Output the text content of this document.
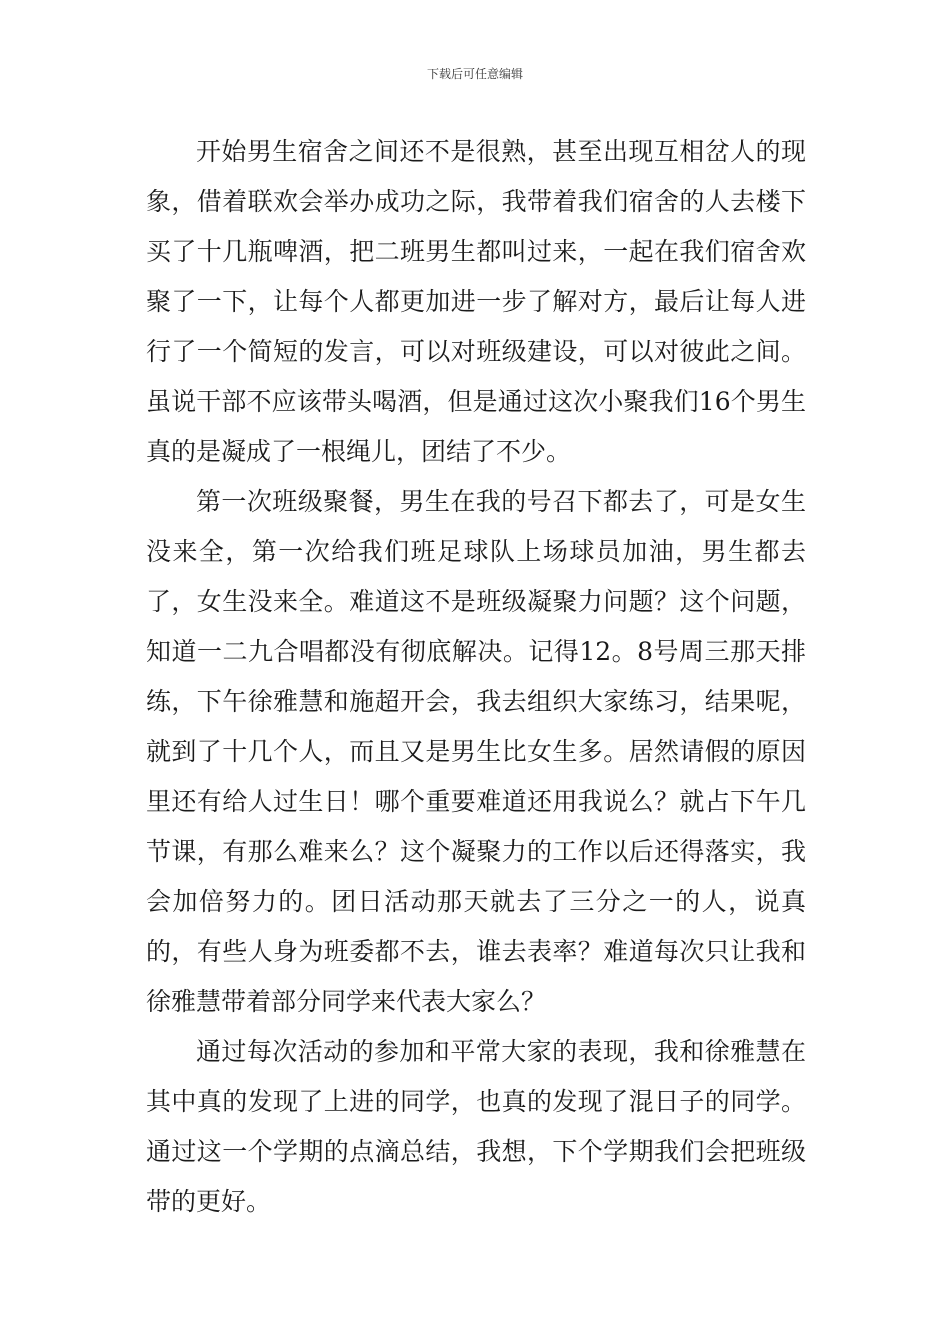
下载后可任意编辑

开始男生宿舍之间还不是很熟，甚至出现互相岔人的现象，借着联欢会举办成功之际，我带着我们宿舍的人去楼下买了十几瓶啤酒，把二班男生都叫过来，一起在我们宿舍欢聚了一下，让每个人都更加进一步了解对方，最后让每人进行了一个简短的发言，可以对班级建设，可以对彼此之间。虽说干部不应该带头喝酒，但是通过这次小聚我们16个男生真的是凝成了一根绳儿，团结了不少。

第一次班级聚餐，男生在我的号召下都去了，可是女生没来全，第一次给我们班足球队上场球员加油，男生都去了，女生没来全。难道这不是班级凝聚力问题？这个问题，知道一二九合唱都没有彻底解决。记得12。8号周三那天排练，下午徐雅慧和施超开会，我去组织大家练习，结果呢，就到了十几个人，而且又是男生比女生多。居然请假的原因里还有给人过生日！哪个重要难道还用我说么？就占下午几节课，有那么难来么？这个凝聚力的工作以后还得落实，我会加倍努力的。团日活动那天就去了三分之一的人，说真的，有些人身为班委都不去，谁去表率？难道每次只让我和徐雅慧带着部分同学来代表大家么？

通过每次活动的参加和平常大家的表现，我和徐雅慧在其中真的发现了上进的同学，也真的发现了混日子的同学。通过这一个学期的点滴总结，我想，下个学期我们会把班级带的更好。
